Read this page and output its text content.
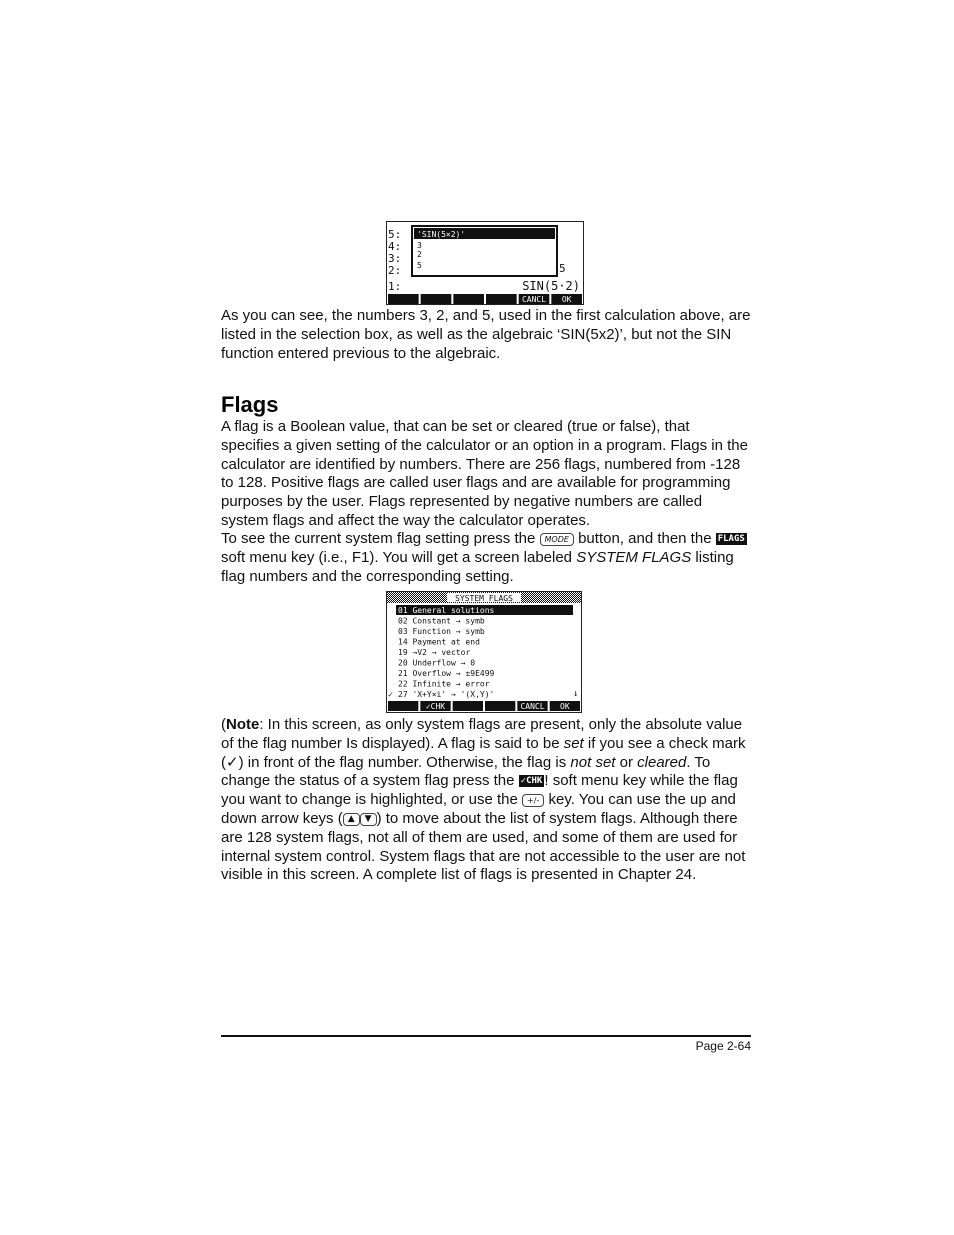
5:
4:
3:
2:
1:
'SIN(5×2)'
3
2
5	5
SIN(5·2)
CANCL OK

As you can see, the numbers 3, 2, and 5, used in the first calculation above, are listed in the selection box, as well as the algebraic ‘SIN(5x2)’, but not the SIN function entered previous to the algebraic.

Flags

A flag is a Boolean value, that can be set or cleared (true or false), that specifies a given setting of the calculator or an option in a program. Flags in the calculator are identified by numbers. There are 256 flags, numbered from -128 to 128. Positive flags are called user flags and are available for programming purposes by the user. Flags represented by negative numbers are called system flags and affect the way the calculator operates.

To see the current system flag setting press the MODE button, and then the FLAGS soft menu key (i.e., F1). You will get a screen labeled SYSTEM FLAGS listing flag numbers and the corresponding setting.

SYSTEM FLAGS
01 General solutions
02 Constant → symb
03 Function → symb
14 Payment at end
19 →V2 → vector
20 Underflow → 0
21 Overflow → ±9E499
22 Infinite → error
✓ 27 'X+Y×i' → '(X,Y)'	↓
✓CHK	CANCL OK

(Note: In this screen, as only system flags are present, only the absolute value of the flag number Is displayed). A flag is said to be set if you see a check mark (✓) in front of the flag number. Otherwise, the flag is not set or cleared. To change the status of a system flag press the ✓CHK ! soft menu key while the flag you want to change is highlighted, or use the +/- key. You can use the up and down arrow keys ( ▲ ▼ ) to move about the list of system flags. Although there are 128 system flags, not all of them are used, and some of them are used for internal system control. System flags that are not accessible to the user are not visible in this screen. A complete list of flags is presented in Chapter 24.

Page 2-64
